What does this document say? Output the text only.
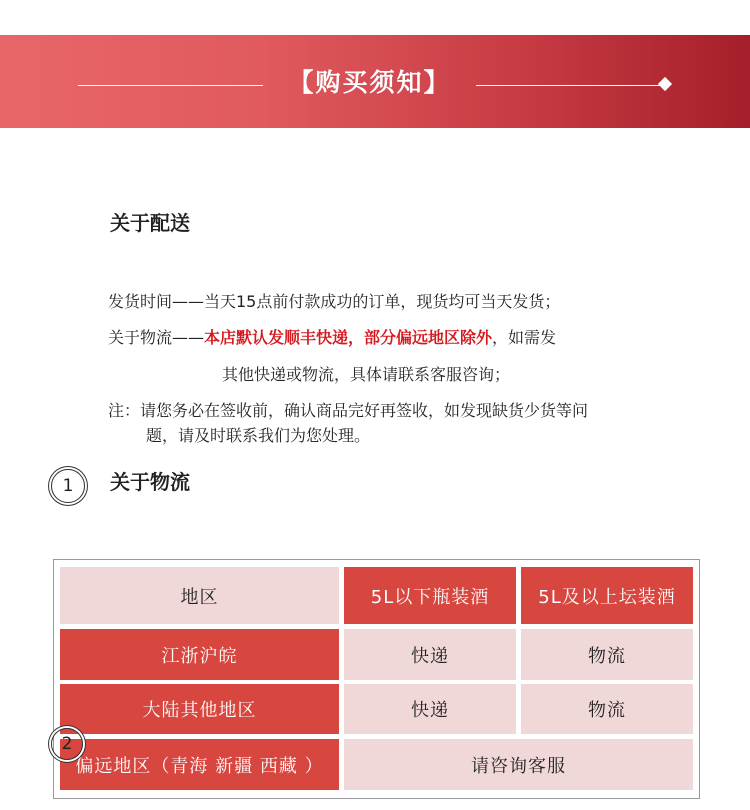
【购买须知】
关于配送
发货时间——当天15点前付款成功的订单，现货均可当天发货；
关于物流——本店默认发顺丰快递，部分偏远地区除外，如需发
其他快递或物流，具体请联系客服咨询；
注：请您务必在签收前，确认商品完好再签收，如发现缺货少货等问
题，请及时联系我们为您处理。
1	关于物流
地区	5L以下瓶装酒	5L及以上坛装酒
江浙沪皖	快递	物流
大陆其他地区	快递	物流
偏远地区（青海 新疆 西藏 ）	请咨询客服
2
